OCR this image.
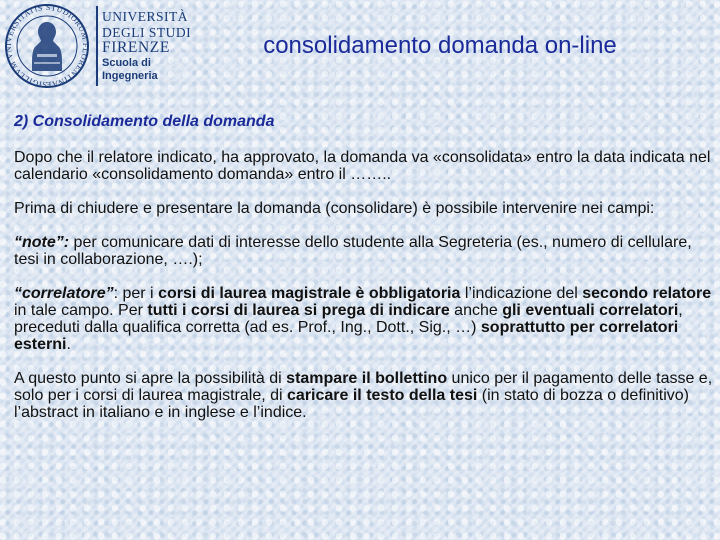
SIGILLVM VNIVERSITATIS STUDIORUM FLORENTINAE
UNIVERSITÀ
DEGLI STUDI
FIRENZE
Scuola di
Ingegneria
consolidamento domanda on-line
2) Consolidamento della domanda

Dopo che il relatore indicato, ha approvato, la domanda va «consolidata» entro la data indicata nel calendario «consolidamento domanda» entro il ……..

Prima di chiudere e presentare la domanda (consolidare) è possibile intervenire nei campi:

“note”: per comunicare dati di interesse dello studente alla Segreteria (es., numero di cellulare, tesi in collaborazione, ….);

“correlatore”: per i corsi di laurea magistrale è obbligatoria l’indicazione del secondo relatore in tale campo. Per tutti i corsi di laurea si prega di indicare anche gli eventuali correlatori, preceduti dalla qualifica corretta (ad es. Prof., Ing., Dott., Sig., …) soprattutto per correlatori esterni.

A questo punto si apre la possibilità di stampare il bollettino unico per il pagamento delle tasse e, solo per i corsi di laurea magistrale, di caricare il testo della tesi (in stato di bozza o definitivo) l’abstract in italiano e in inglese e l’indice.
